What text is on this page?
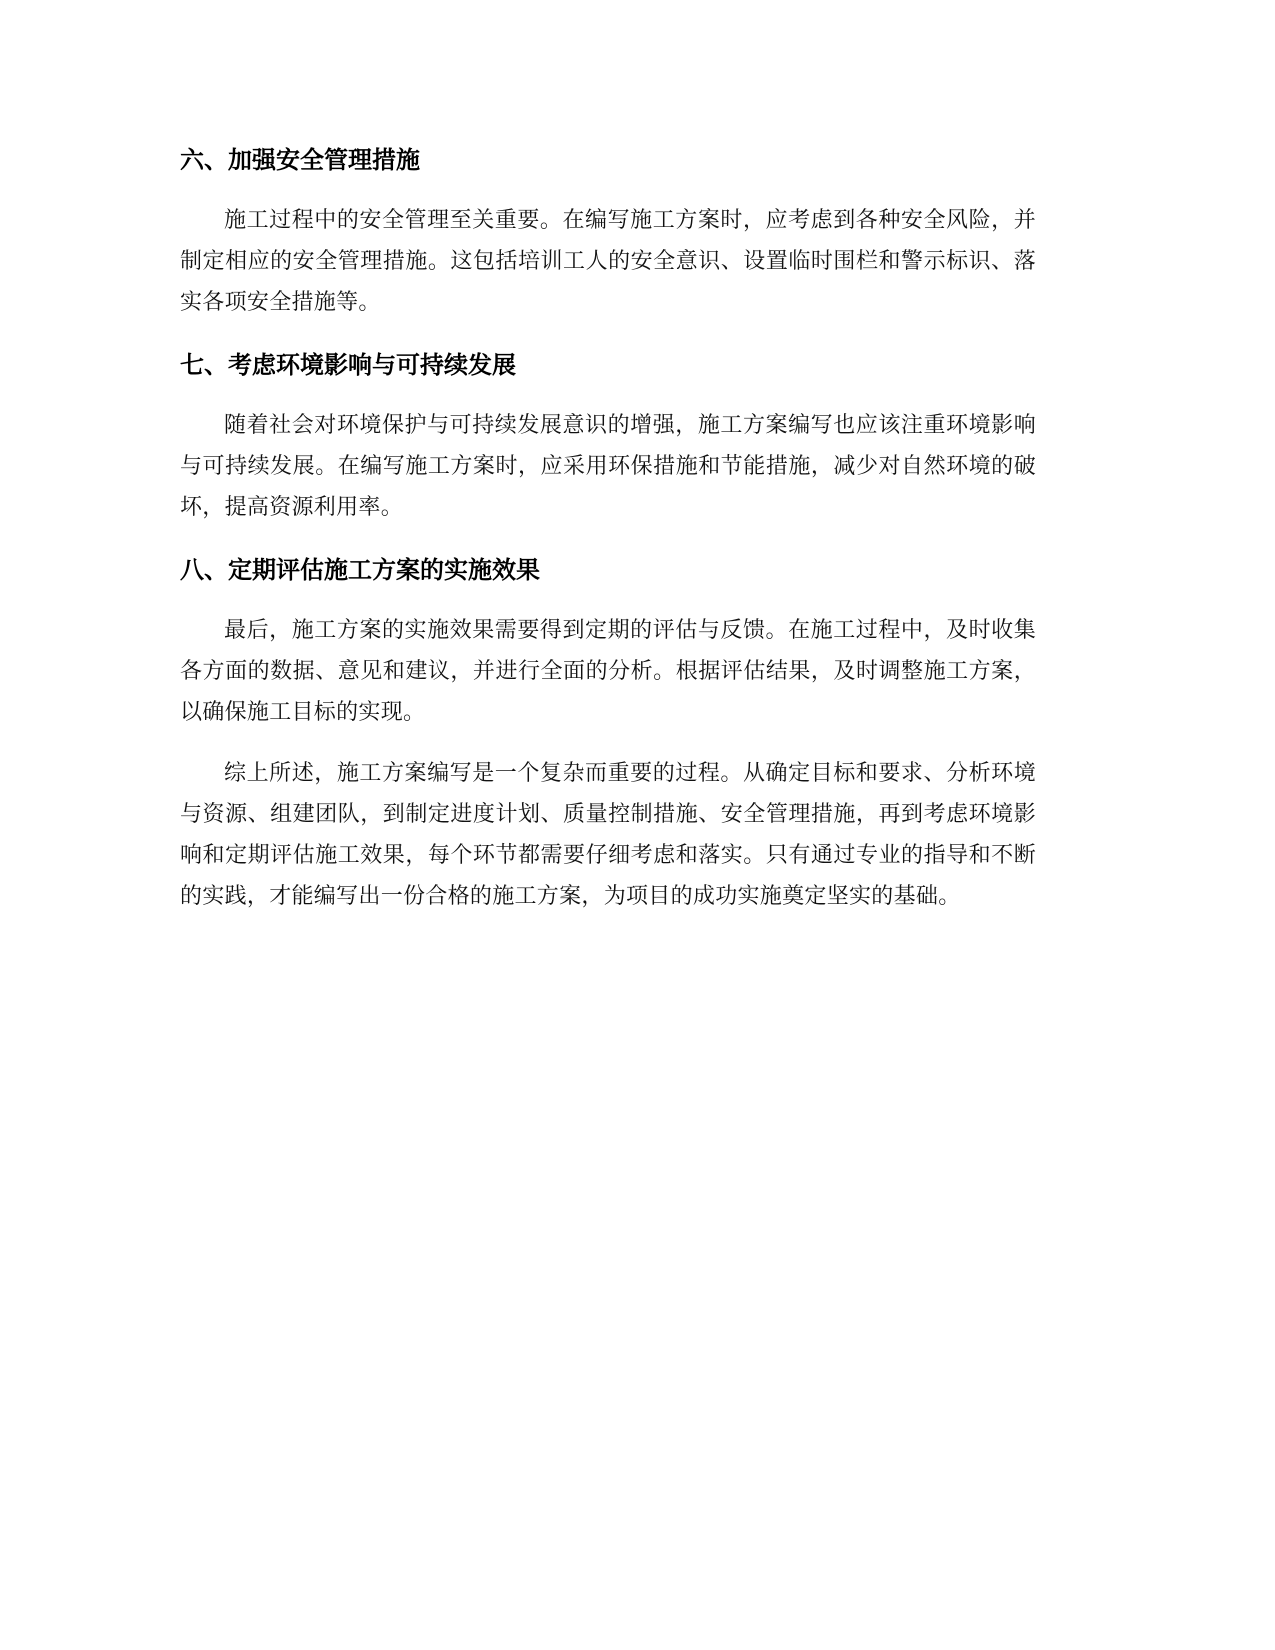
六、加强安全管理措施

施工过程中的安全管理至关重要。在编写施工方案时，应考虑到各种安全风险，并制定相应的安全管理措施。这包括培训工人的安全意识、设置临时围栏和警示标识、落实各项安全措施等。

七、考虑环境影响与可持续发展

随着社会对环境保护与可持续发展意识的增强，施工方案编写也应该注重环境影响与可持续发展。在编写施工方案时，应采用环保措施和节能措施，减少对自然环境的破坏，提高资源利用率。

八、定期评估施工方案的实施效果

最后，施工方案的实施效果需要得到定期的评估与反馈。在施工过程中，及时收集各方面的数据、意见和建议，并进行全面的分析。根据评估结果，及时调整施工方案，以确保施工目标的实现。

综上所述，施工方案编写是一个复杂而重要的过程。从确定目标和要求、分析环境与资源、组建团队，到制定进度计划、质量控制措施、安全管理措施，再到考虑环境影响和定期评估施工效果，每个环节都需要仔细考虑和落实。只有通过专业的指导和不断的实践，才能编写出一份合格的施工方案，为项目的成功实施奠定坚实的基础。
